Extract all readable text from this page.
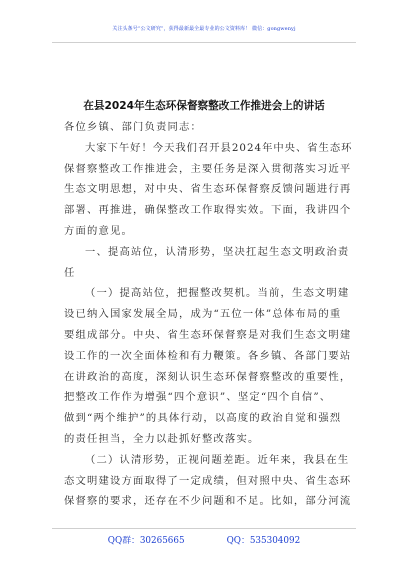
关注头条号“公文研究”，获得最新最全最专业的公文资料库！ 微信：gongwenyj
在县2024年生态环保督察整改工作推进会上的讲话
各位乡镇、部门负责同志：
大家下午好！今天我们召开县2024年中央、省生态环
保督察整改工作推进会，主要任务是深入贯彻落实习近平
生态文明思想，对中央、省生态环保督察反馈问题进行再
部署、再推进，确保整改工作取得实效。下面，我讲四个
方面的意见。
一、提高站位，认清形势，坚决扛起生态文明政治责
任
（一）提高站位，把握整改契机。当前，生态文明建
设已纳入国家发展全局，成为“五位一体”总体布局的重
要组成部分。中央、省生态环保督察是对我们生态文明建
设工作的一次全面体检和有力鞭策。各乡镇、各部门要站
在讲政治的高度，深刻认识生态环保督察整改的重要性，
把整改工作作为增强“四个意识”、坚定“四个自信”、
做到“两个维护”的具体行动，以高度的政治自觉和强烈
的责任担当，全力以赴抓好整改落实。
（二）认清形势，正视问题差距。近年来，我县在生
态文明建设方面取得了一定成绩，但对照中央、省生态环
保督察的要求，还存在不少问题和不足。比如，部分河流
QQ群：30265665	QQ：535304092
